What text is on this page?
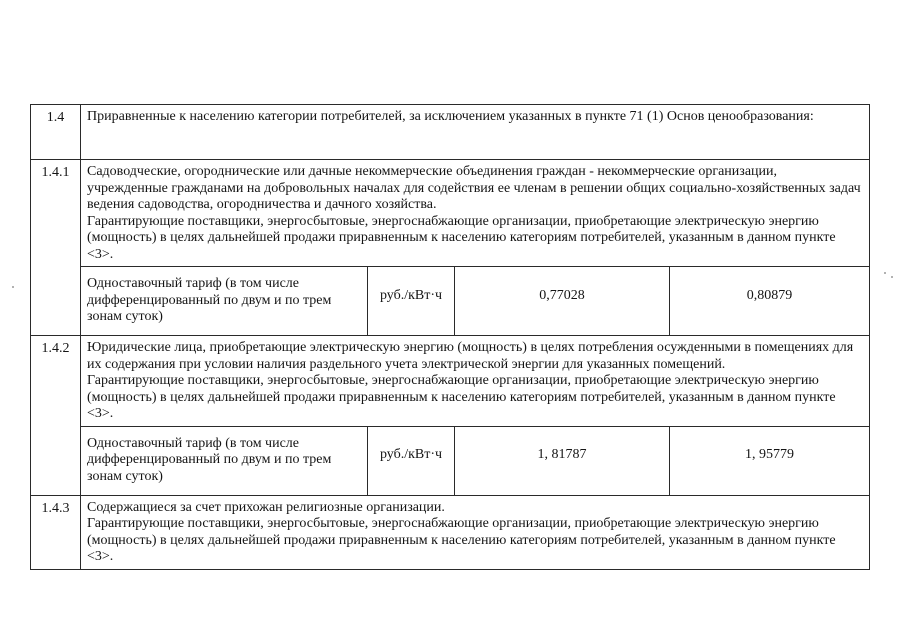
1.4	Приравненные к населению категории потребителей, за исключением указанных в пункте 71 (1) Основ ценообразования:

1.4.1	Садоводческие, огороднические или дачные некоммерческие объединения граждан - некоммерческие организации, учрежденные гражданами на добровольных началах для содействия ее членам в решении общих социально-хозяйственных задач ведения садоводства, огородничества и дачного хозяйства.

Гарантирующие поставщики, энергосбытовые, энергоснабжающие организации, приобретающие электрическую энергию (мощность) в целях дальнейшей продажи приравненным к населению категориям потребителей, указанным в данном пункте <3>.

Одноставочный тариф (в том числе дифференцированный по двум и по трем зонам суток)	руб./кВт·ч	0,77028	0,80879

1.4.2	Юридические лица, приобретающие электрическую энергию (мощность) в целях потребления осужденными в помещениях для их содержания при условии наличия раздельного учета электрической энергии для указанных помещений.

Гарантирующие поставщики, энергосбытовые, энергоснабжающие организации, приобретающие электрическую энергию (мощность) в целях дальнейшей продажи приравненным к населению категориям потребителей, указанным в данном пункте <3>.

Одноставочный тариф (в том числе дифференцированный по двум и по трем зонам суток)	руб./кВт·ч	1, 81787	1, 95779

1.4.3	Содержащиеся за счет прихожан религиозные организации.

Гарантирующие поставщики, энергосбытовые, энергоснабжающие организации, приобретающие электрическую энергию (мощность) в целях дальнейшей продажи приравненным к населению категориям потребителей, указанным в данном пункте <3>.
